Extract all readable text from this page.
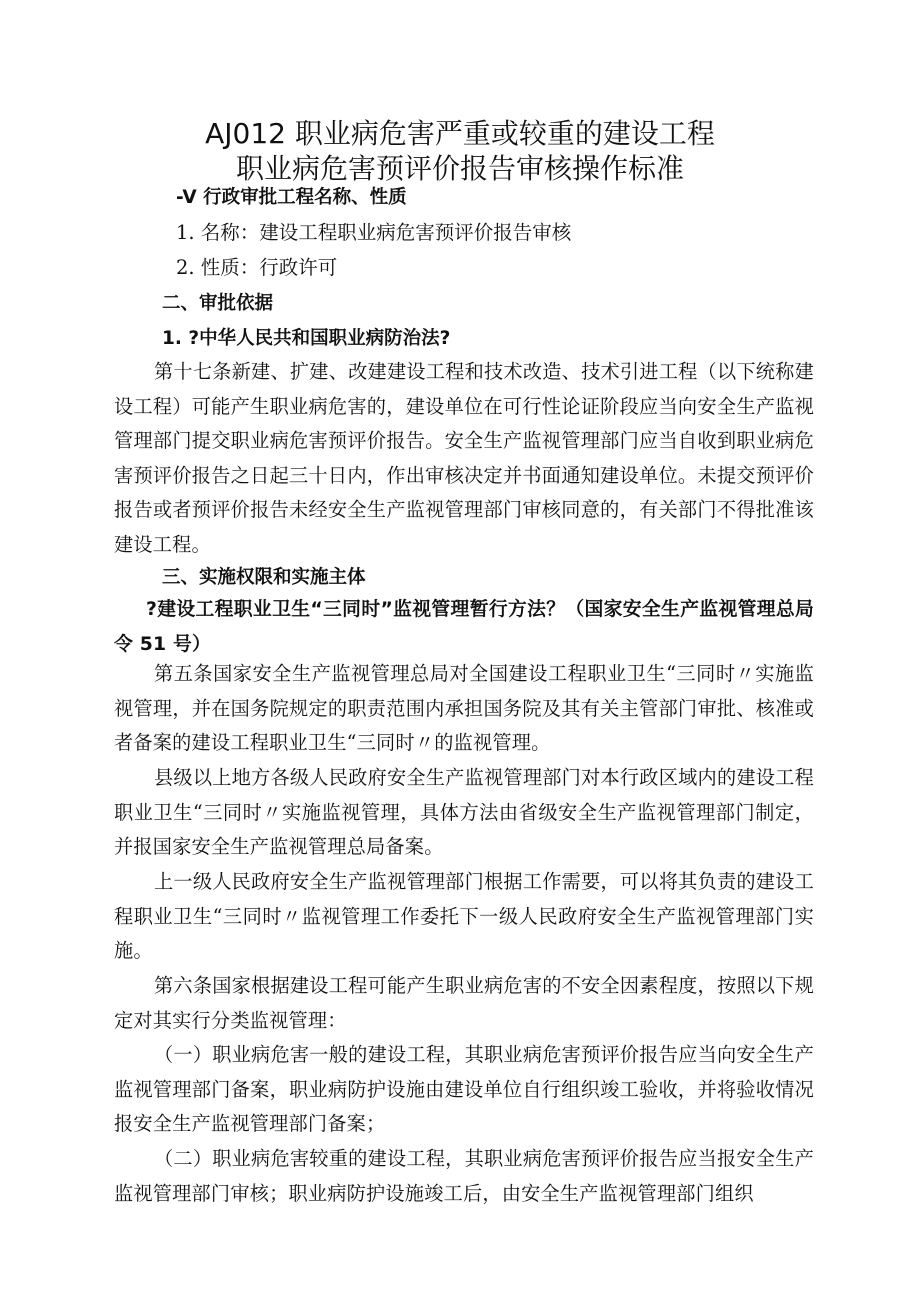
AJ012 职业病危害严重或较重的建设工程
职业病危害预评价报告审核操作标准

-V 行政审批工程名称、性质

1. 名称：建设工程职业病危害预评价报告审核

2. 性质：行政许可

二、审批依据

1. ?中华人民共和国职业病防治法?

第十七条新建、扩建、改建建设工程和技术改造、技术引进工程（以下统称建设工程）可能产生职业病危害的，建设单位在可行性论证阶段应当向安全生产监视管理部门提交职业病危害预评价报告。安全生产监视管理部门应当自收到职业病危害预评价报告之日起三十日内，作出审核决定并书面通知建设单位。未提交预评价报告或者预评价报告未经安全生产监视管理部门审核同意的，有关部门不得批准该建设工程。

三、实施权限和实施主体

?建设工程职业卫生“三同时”监视管理暂行方法？（国家安全生产监视管理总局令 51 号）

第五条国家安全生产监视管理总局对全国建设工程职业卫生“三同时〃实施监视管理，并在国务院规定的职责范围内承担国务院及其有关主管部门审批、核准或者备案的建设工程职业卫生“三同时〃的监视管理。

县级以上地方各级人民政府安全生产监视管理部门对本行政区域内的建设工程职业卫生“三同时〃实施监视管理，具体方法由省级安全生产监视管理部门制定，并报国家安全生产监视管理总局备案。

上一级人民政府安全生产监视管理部门根据工作需要，可以将其负责的建设工程职业卫生“三同时〃监视管理工作委托下一级人民政府安全生产监视管理部门实施。

第六条国家根据建设工程可能产生职业病危害的不安全因素程度，按照以下规定对其实行分类监视管理：

（一）职业病危害一般的建设工程，其职业病危害预评价报告应当向安全生产监视管理部门备案，职业病防护设施由建设单位自行组织竣工验收，并将验收情况报安全生产监视管理部门备案；

（二）职业病危害较重的建设工程，其职业病危害预评价报告应当报安全生产监视管理部门审核；职业病防护设施竣工后，由安全生产监视管理部门组织
